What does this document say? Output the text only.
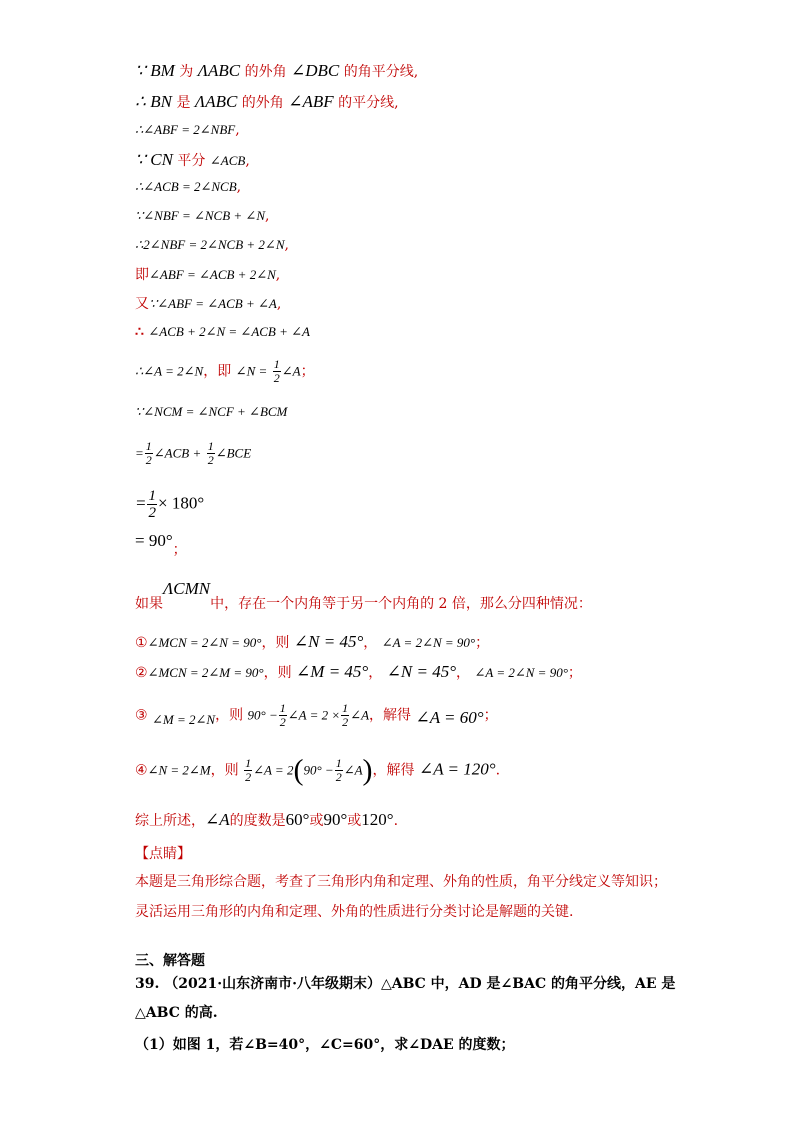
∵ BM 为 ΛABC 的外角 ∠DBC 的角平分线,
∴ BN 是 ΛABC 的外角 ∠ABF 的平分线,
∴∠ABF = 2∠NBF,
∵ CN 平分 ∠ACB,
∴∠ACB = 2∠NCB,
∵∠NBF = ∠NCB + ∠N,
∴2∠NBF = 2∠NCB + 2∠N,
即∠ABF = ∠ACB + 2∠N,
又∵∠ABF = ∠ACB + ∠A,
∴ ∠ACB + 2∠N = ∠ACB + ∠A
∴∠A = 2∠N，即 ∠N = $\frac{1}{2}$ ∠A；
∵∠NCM = ∠NCF + ∠BCM
= $\frac{1}{2}$ ∠ACB + $\frac{1}{2}$ ∠BCE
= $\frac{1}{2} \times 180^\circ$
= 90°；
如果ΛCMN中，存在一个内角等于另一个内角的 2 倍，那么分四种情况：
①∠MCN = 2∠N = 90°，则 ∠N = 45°， ∠A = 2∠N = 90°；
②∠MCN = 2∠M = 90°，则 ∠M = 45°， ∠N = 45°， ∠A = 2∠N = 90°；
③ ∠M = 2∠N，则 $90^\circ - \frac{1}{2}$ ∠A = $2 \times \frac{1}{2}$ ∠A，解得 ∠A = 60°；
④∠N = 2∠M，则 $\frac{1}{2}$ ∠A = $2(90^\circ - \frac{1}{2}$ ∠A)，解得 ∠A = 120°.
综上所述，∠A的度数是60°或90°或120°.
【点睛】
本题是三角形综合题，考查了三角形内角和定理、外角的性质，角平分线定义等知识；
灵活运用三角形的内角和定理、外角的性质进行分类讨论是解题的关键.
三、解答题
39. （2021·山东济南市·八年级期末）△ABC 中，AD 是∠BAC 的角平分线，AE 是
△ABC 的高.
（1）如图 1，若∠B=40°，∠C=60°，求∠DAE 的度数；
